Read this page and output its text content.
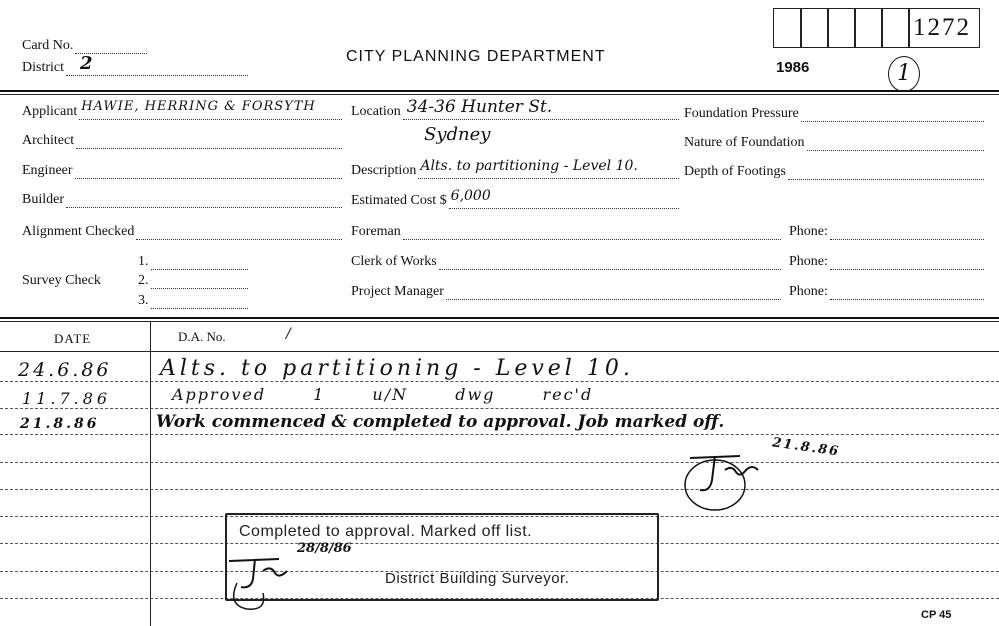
Card No.
District 2	CITY PLANNING DEPARTMENT
1986
1272
1
Applicant HAWIE, HERRING & FORSYTH
Architect
Engineer
Builder
Alignment Checked
Survey Check
1.
2.
3.
Location 34-36 Hunter St.
Sydney
Description Alts. to partitioning - Level 10.
Estimated Cost $ 6,000
Foreman
Clerk of Works
Project Manager
Phone:
Phone:
Phone:
Foundation Pressure
Nature of Foundation
Depth of Footings
DATE	D.A. No.	/
24.6.86 Alts. to partitioning - Level 10.
11.7.86	Approved 1 u/N dwg rec'd
21.8.86	Work commenced & completed to approval. Job marked off.
21.8.86
Completed to approval. Marked off list.
District Building Surveyor.
28/8/86
CP 45
